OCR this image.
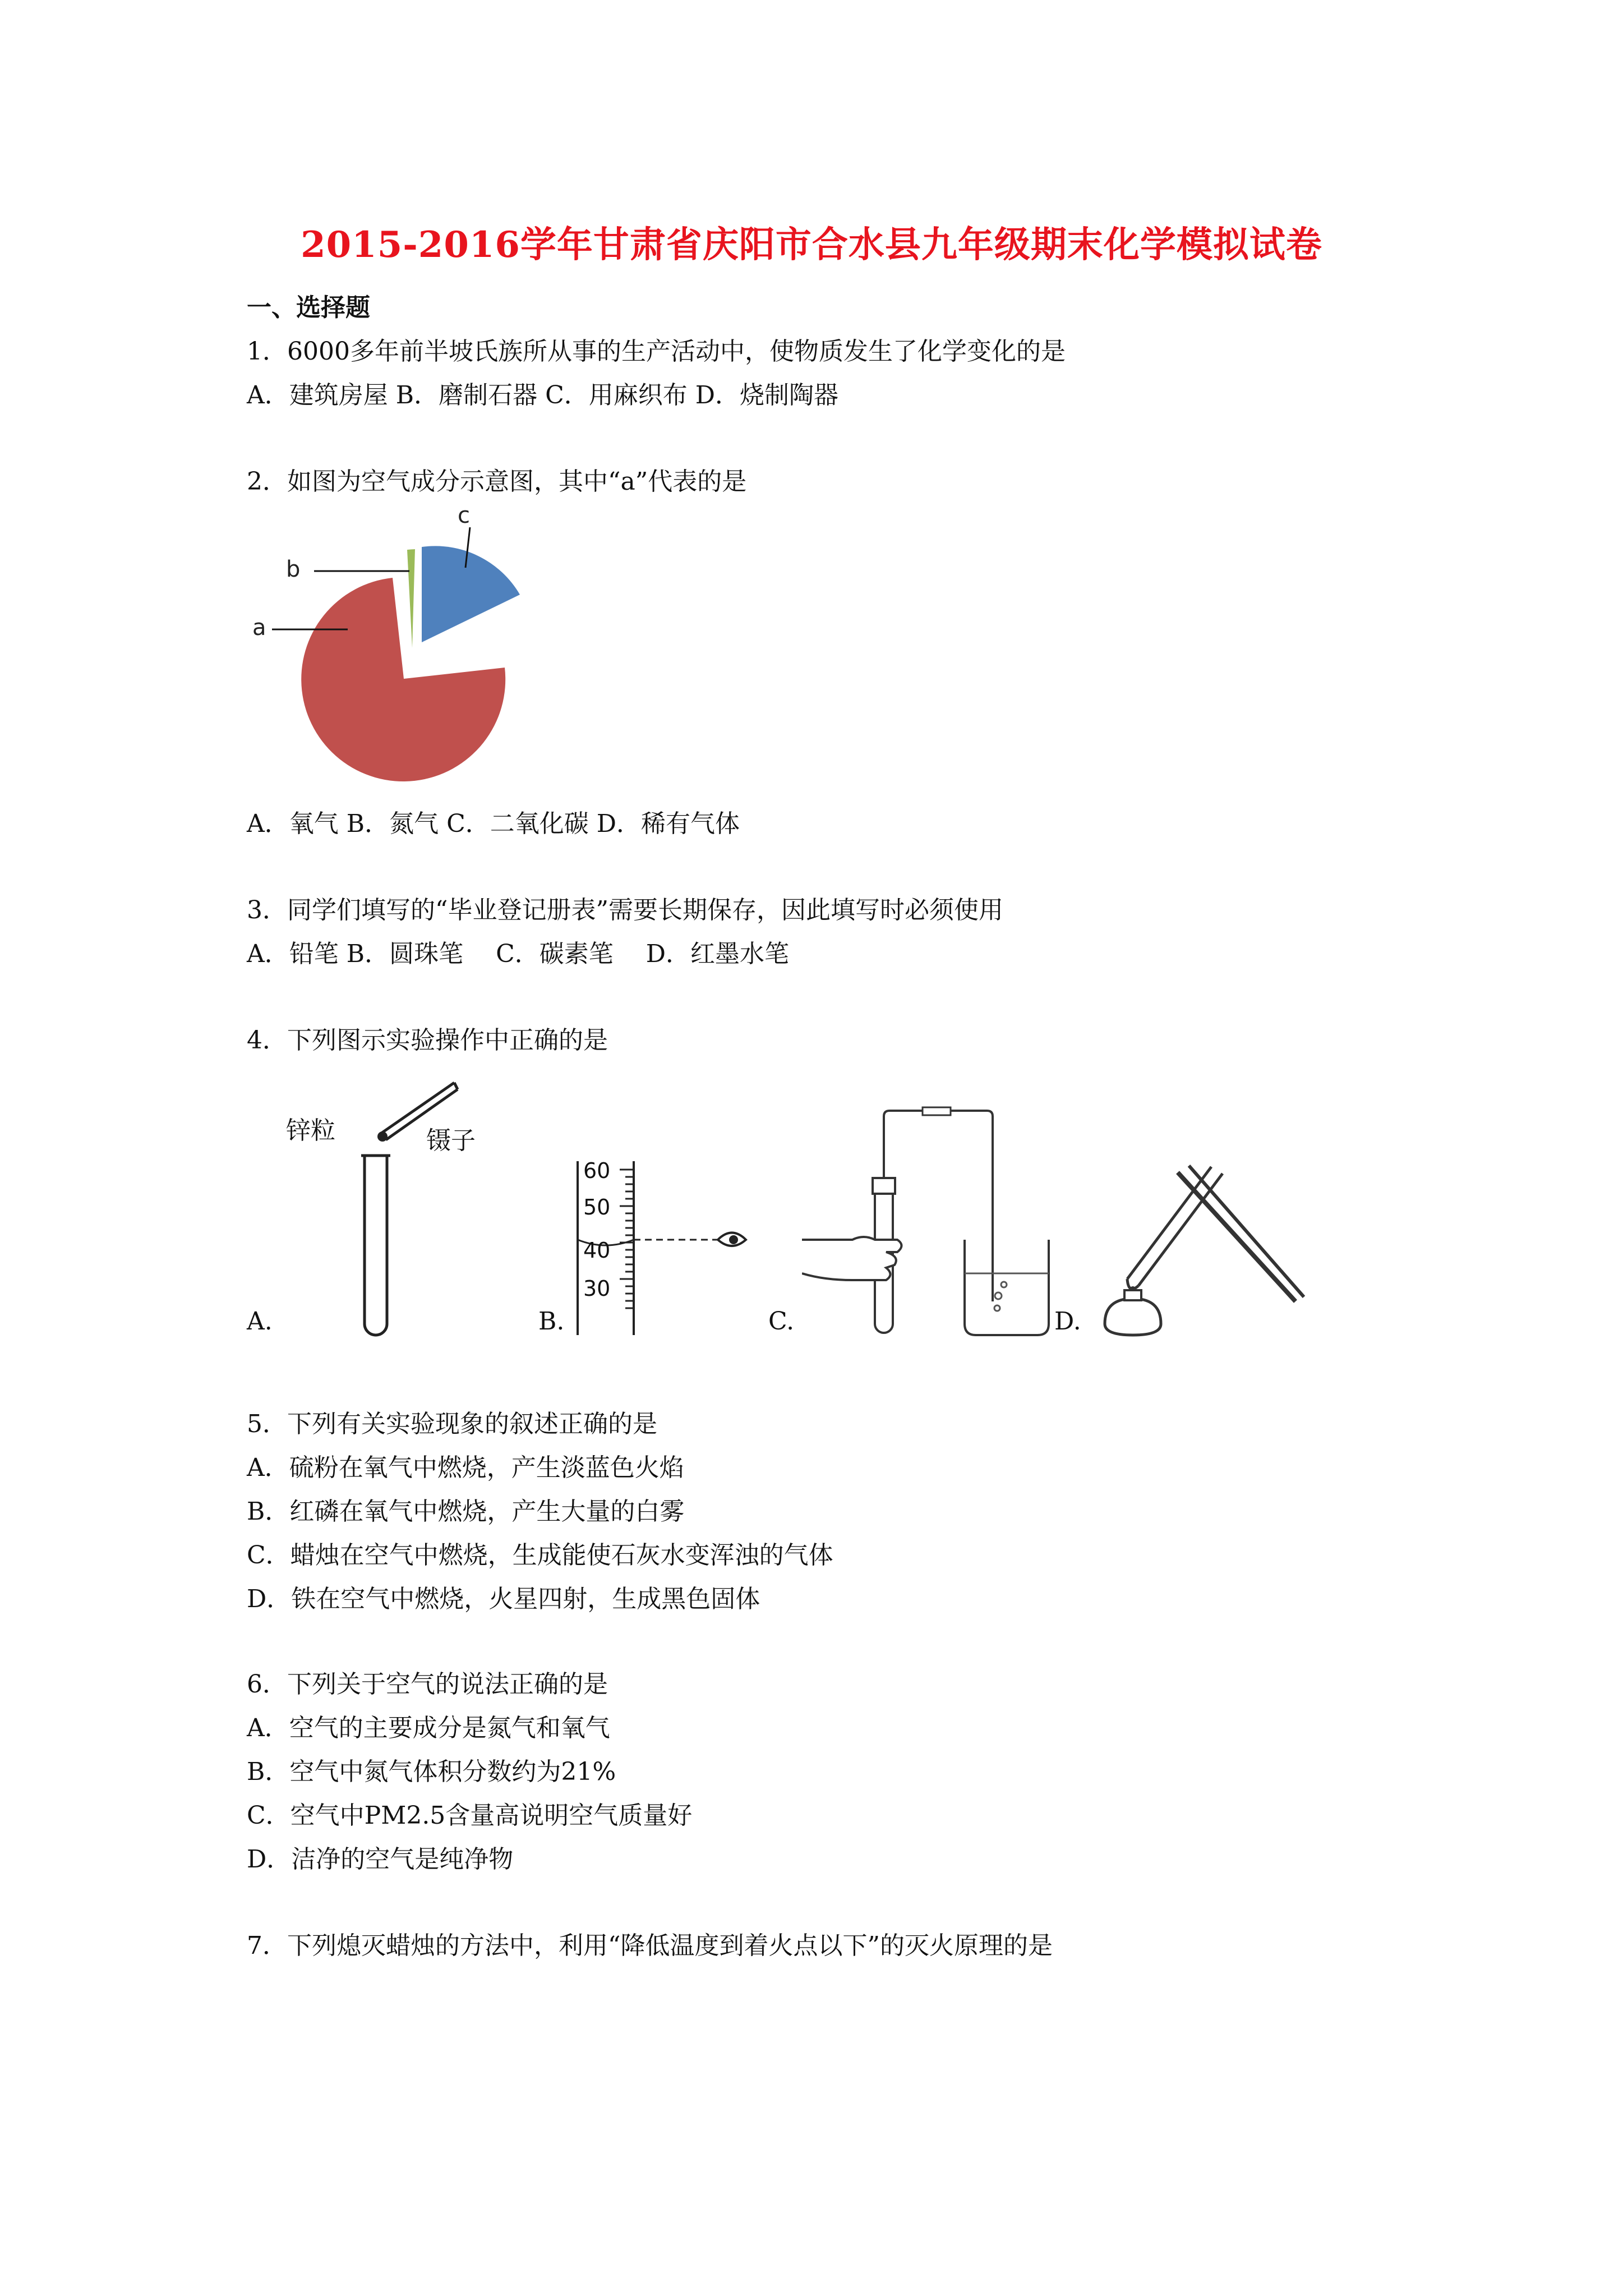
2015-2016学年甘肃省庆阳市合水县九年级期末化学模拟试卷
一、选择题
1．6000多年前半坡氏族所从事的生产活动中，使物质发生了化学变化的是
A．建筑房屋 B．磨制石器 C．用麻织布 D．烧制陶器
2．如图为空气成分示意图，其中“a”代表的是
a
b
c
A．氧气 B．氮气 C．二氧化碳 D．稀有气体
3．同学们填写的“毕业登记册表”需要长期保存，因此填写时必须使用
A．铅笔 B．圆珠笔　 C．碳素笔　 D．红墨水笔
4．下列图示实验操作中正确的是
锌粒	镊子
A.
60
50
40
30
B.	C.	D.
5．下列有关实验现象的叙述正确的是
A．硫粉在氧气中燃烧，产生淡蓝色火焰
B．红磷在氧气中燃烧，产生大量的白雾
C．蜡烛在空气中燃烧，生成能使石灰水变浑浊的气体
D．铁在空气中燃烧，火星四射，生成黑色固体
6．下列关于空气的说法正确的是
A．空气的主要成分是氮气和氧气
B．空气中氮气体积分数约为21%
C．空气中PM2.5含量高说明空气质量好
D．洁净的空气是纯净物
7．下列熄灭蜡烛的方法中，利用“降低温度到着火点以下”的灭火原理的是
